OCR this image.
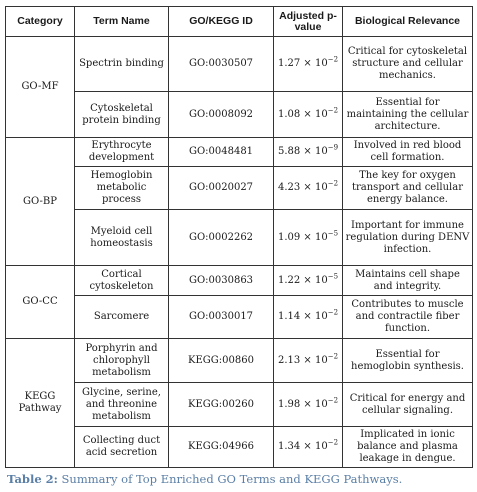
Category	Term Name	GO/KEGG ID	Adjusted p-value	Biological Relevance
GO-MF	Spectrin binding	GO:0030507	$1.27 \times 10^{-2}$	Critical for cytoskeletal structure and cellular mechanics.
	Cytoskeletal protein binding	GO:0008092	$1.08 \times 10^{-2}$	Essential for maintaining the cellular architecture.
GO-BP	Erythrocyte development	GO:0048481	$5.88 \times 10^{-9}$	Involved in red blood cell formation.
	Hemoglobin metabolic process	GO:0020027	$4.23 \times 10^{-2}$	The key for oxygen transport and cellular energy balance.
	Myeloid cell homeostasis	GO:0002262	$1.09 \times 10^{-5}$	Important for immune regulation during DENV infection.
GO-CC	Cortical cytoskeleton	GO:0030863	$1.22 \times 10^{-5}$	Maintains cell shape and integrity.
	Sarcomere	GO:0030017	$1.14 \times 10^{-2}$	Contributes to muscle and contractile fiber function.
KEGG Pathway	Porphyrin and chlorophyll metabolism	KEGG:00860	$2.13 \times 10^{-2}$	Essential for hemoglobin synthesis.
	Glycine, serine, and threonine metabolism	KEGG:00260	$1.98 \times 10^{-2}$	Critical for energy and cellular signaling.
	Collecting duct acid secretion	KEGG:04966	$1.34 \times 10^{-2}$	Implicated in ionic balance and plasma leakage in dengue.
Table 2: Summary of Top Enriched GO Terms and KEGG Pathways.
